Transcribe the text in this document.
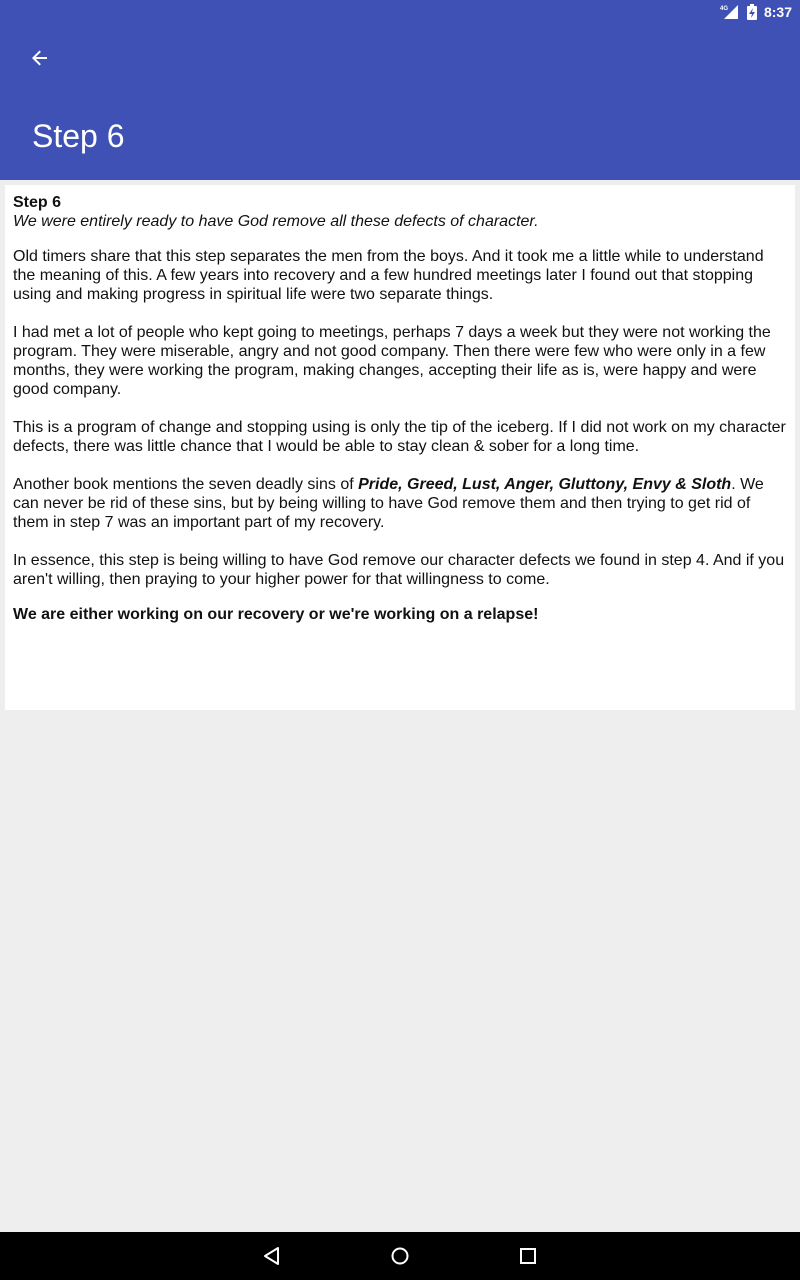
4G	8:37
Step 6

Step 6

We were entirely ready to have God remove all these defects of character.

Old timers share that this step separates the men from the boys. And it took me a little while to understand the meaning of this. A few years into recovery and a few hundred meetings later I found out that stopping using and making progress in spiritual life were two separate things.

I had met a lot of people who kept going to meetings, perhaps 7 days a week but they were not working the program. They were miserable, angry and not good company. Then there were few who were only in a few months, they were working the program, making changes, accepting their life as is, were happy and were good company.

This is a program of change and stopping using is only the tip of the iceberg. If I did not work on my character defects, there was little chance that I would be able to stay clean & sober for a long time.

Another book mentions the seven deadly sins of Pride, Greed, Lust, Anger, Gluttony, Envy & Sloth. We can never be rid of these sins, but by being willing to have God remove them and then trying to get rid of them in step 7 was an important part of my recovery.

In essence, this step is being willing to have God remove our character defects we found in step 4. And if you aren't willing, then praying to your higher power for that willingness to come.

We are either working on our recovery or we're working on a relapse!
